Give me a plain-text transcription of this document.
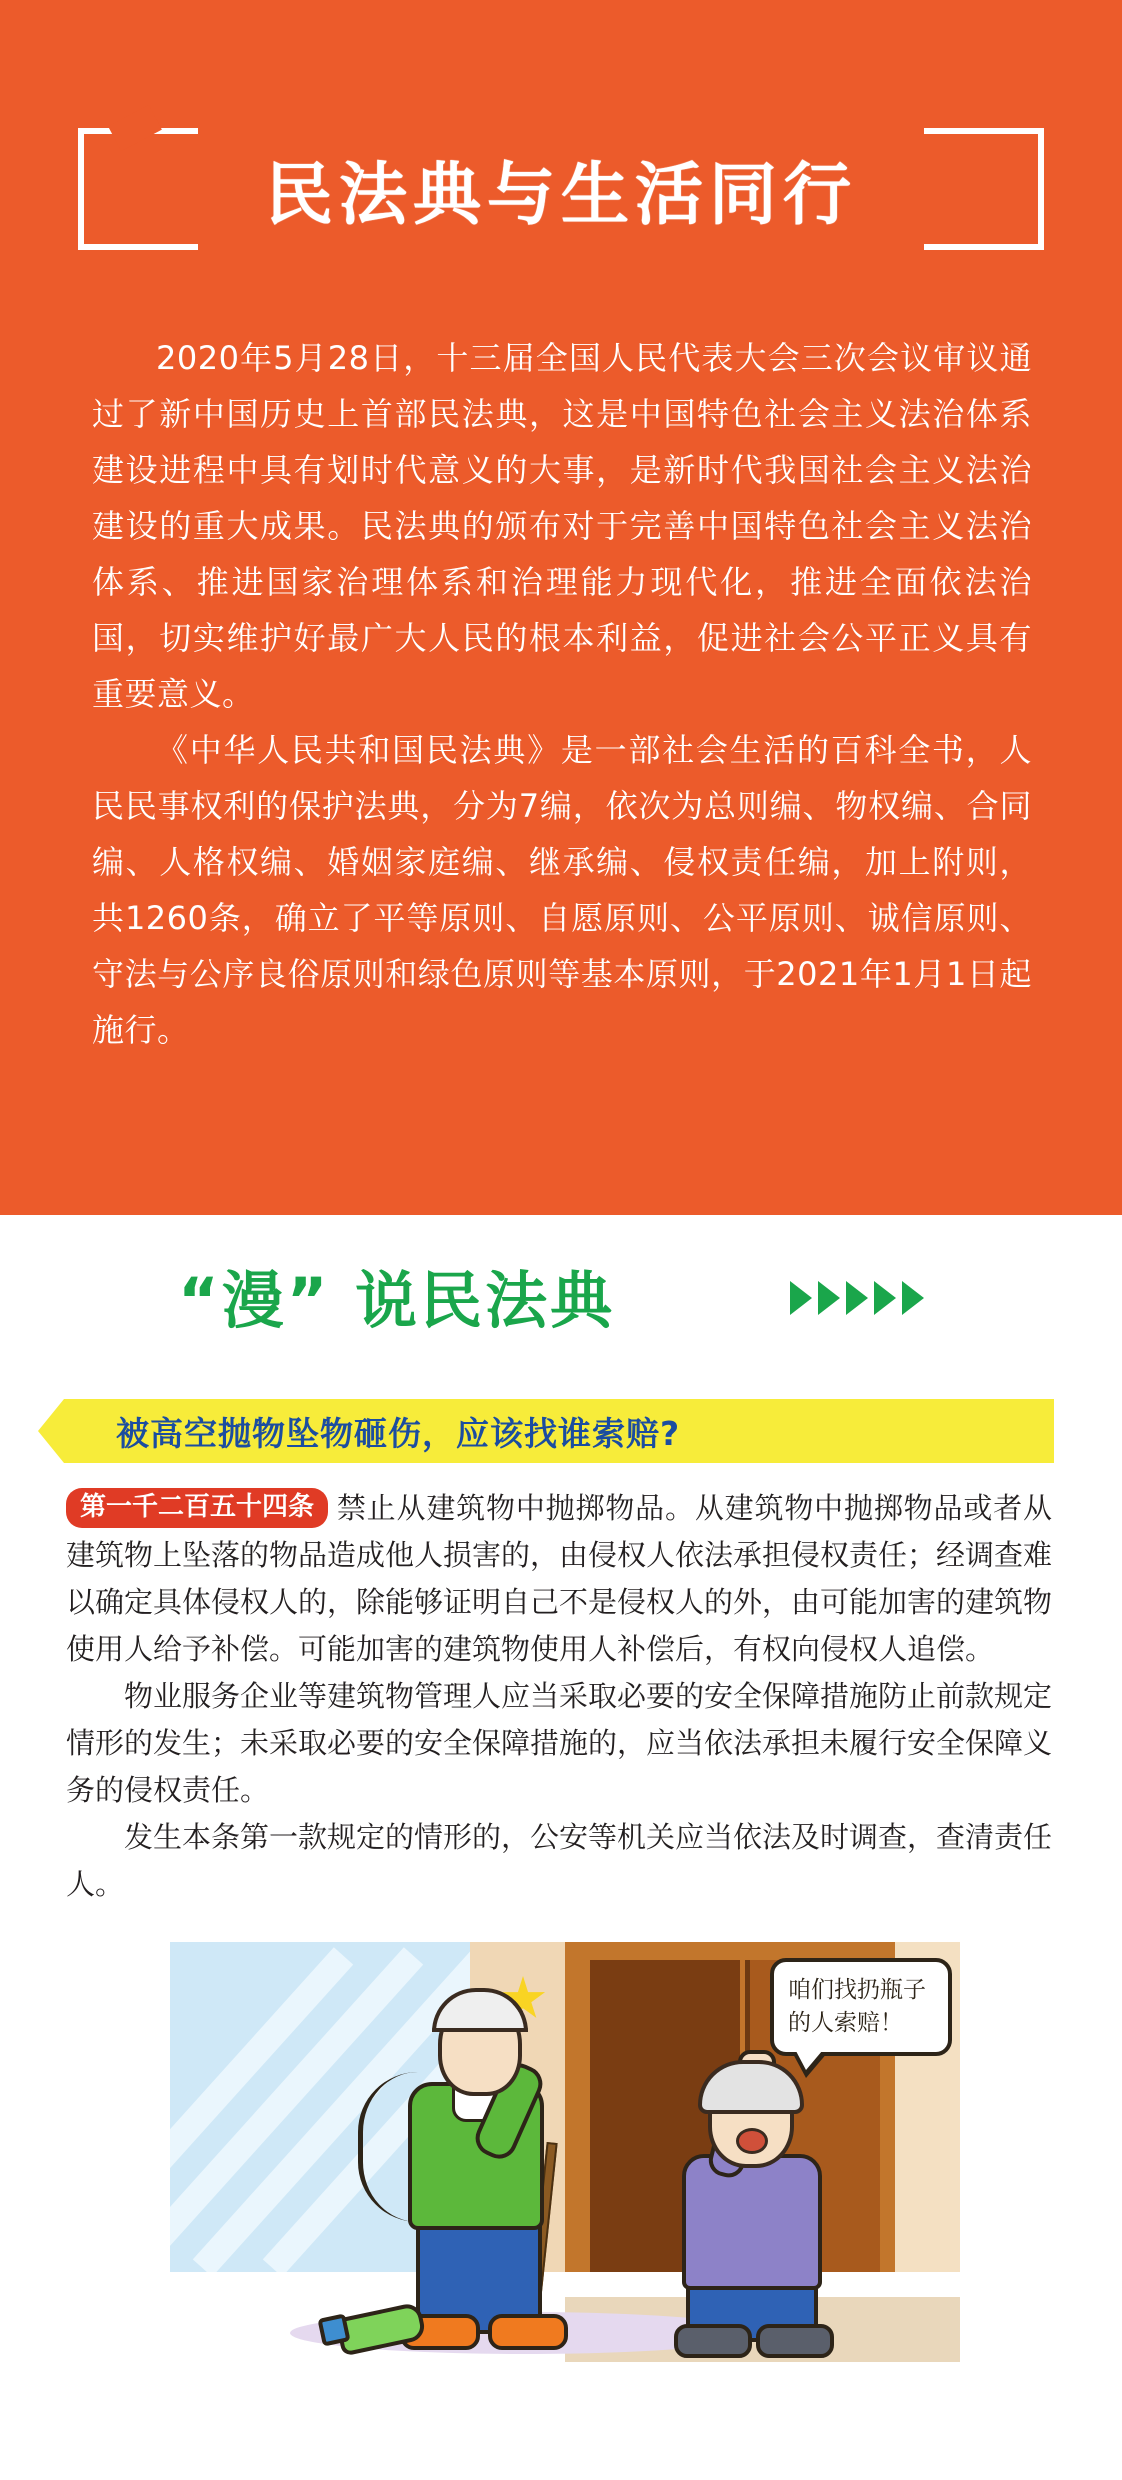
民法典与生活同行

2020年5月28日，十三届全国人民代表大会三次会议审议通过了新中国历史上首部民法典，这是中国特色社会主义法治体系建设进程中具有划时代意义的大事，是新时代我国社会主义法治建设的重大成果。民法典的颁布对于完善中国特色社会主义法治体系、推进国家治理体系和治理能力现代化，推进全面依法治国，切实维护好最广大人民的根本利益，促进社会公平正义具有重要意义。

《中华人民共和国民法典》是一部社会生活的百科全书，人民民事权利的保护法典，分为7编，依次为总则编、物权编、合同编、人格权编、婚姻家庭编、继承编、侵权责任编，加上附则，共1260条，确立了平等原则、自愿原则、公平原则、诚信原则、守法与公序良俗原则和绿色原则等基本原则，于2021年1月1日起施行。

“漫” 说民法典
被高空抛物坠物砸伤，应该找谁索赔?

第一千二百五十四条 禁止从建筑物中抛掷物品。从建筑物中抛掷物品或者从建筑物上坠落的物品造成他人损害的，由侵权人依法承担侵权责任；经调查难以确定具体侵权人的，除能够证明自己不是侵权人的外，由可能加害的建筑物使用人给予补偿。可能加害的建筑物使用人补偿后，有权向侵权人追偿。

物业服务企业等建筑物管理人应当采取必要的安全保障措施防止前款规定情形的发生；未采取必要的安全保障措施的，应当依法承担未履行安全保障义务的侵权责任。

发生本条第一款规定的情形的，公安等机关应当依法及时调查，查清责任人。

咱们找扔瓶子的人索赔！
